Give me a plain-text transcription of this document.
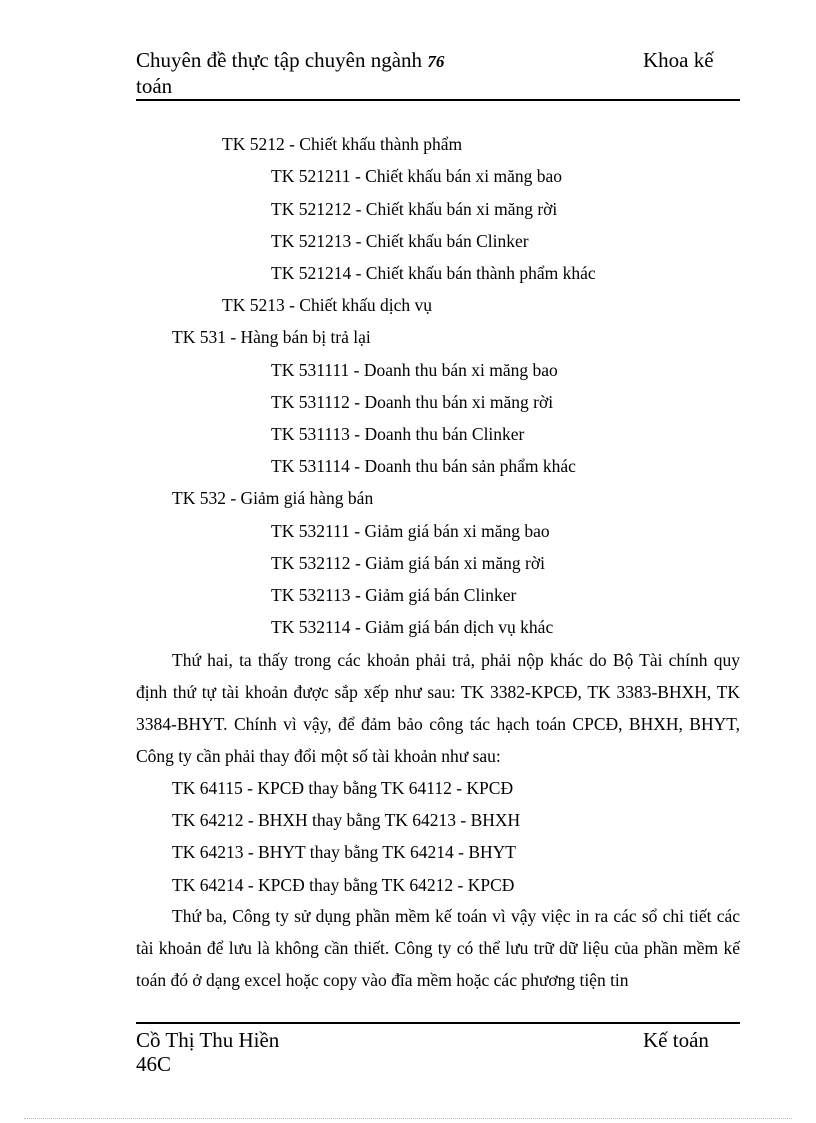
Chuyên đề thực tập chuyên ngành 76
toán
Khoa kế
TK 5212 - Chiết khấu thành phẩm
TK 521211 - Chiết khấu bán xi măng bao
TK 521212 - Chiết khấu bán xi măng rời
TK 521213 - Chiết khấu bán Clinker
TK 521214 - Chiết khấu bán thành phẩm khác
TK 5213 - Chiết khấu dịch vụ
TK 531 - Hàng bán bị trả lại
TK 531111 - Doanh thu bán xi măng bao
TK 531112 - Doanh thu bán xi măng rời
TK 531113 - Doanh thu bán Clinker
TK 531114 - Doanh thu bán sản phẩm khác
TK 532 - Giảm giá hàng bán
TK 532111 - Giảm giá bán xi măng bao
TK 532112 - Giảm giá bán xi măng rời
TK 532113 - Giảm giá bán Clinker
TK 532114 - Giảm giá bán dịch vụ khác
Thứ hai, ta thấy trong các khoản phải trả, phải nộp khác do Bộ Tài chính quy định thứ tự tài khoản được sắp xếp như sau: TK 3382-KPCĐ, TK 3383-BHXH, TK 3384-BHYT. Chính vì vậy, để đảm bảo công tác hạch toán CPCĐ, BHXH, BHYT, Công ty cần phải thay đổi một số tài khoản như sau:
TK 64115 - KPCĐ thay bằng TK 64112 - KPCĐ
TK 64212 - BHXH thay bằng TK 64213 - BHXH
TK 64213 - BHYT thay bằng TK 64214 - BHYT
TK 64214 - KPCĐ thay bằng TK 64212 - KPCĐ
Thứ ba, Công ty sử dụng phần mềm kế toán vì vậy việc in ra các sổ chi tiết các tài khoản để lưu là không cần thiết. Công ty có thể lưu trữ dữ liệu của phần mềm kế toán đó ở dạng excel hoặc copy vào đĩa mềm hoặc các phương tiện tin
Cồ Thị Thu Hiền
46C
Kế toán
